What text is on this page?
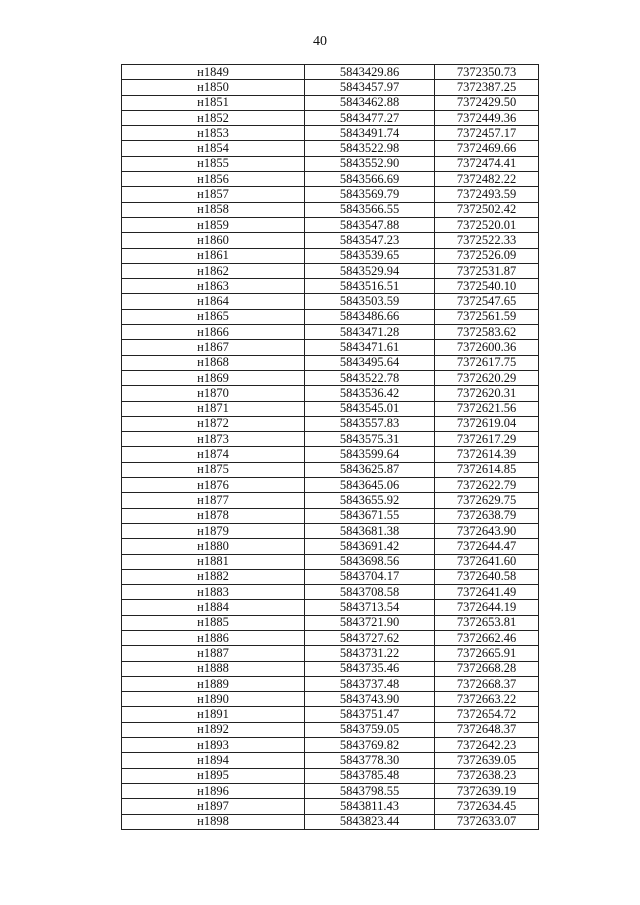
40
н1849	5843429.86	7372350.73
н1850	5843457.97	7372387.25
н1851	5843462.88	7372429.50
н1852	5843477.27	7372449.36
н1853	5843491.74	7372457.17
н1854	5843522.98	7372469.66
н1855	5843552.90	7372474.41
н1856	5843566.69	7372482.22
н1857	5843569.79	7372493.59
н1858	5843566.55	7372502.42
н1859	5843547.88	7372520.01
н1860	5843547.23	7372522.33
н1861	5843539.65	7372526.09
н1862	5843529.94	7372531.87
н1863	5843516.51	7372540.10
н1864	5843503.59	7372547.65
н1865	5843486.66	7372561.59
н1866	5843471.28	7372583.62
н1867	5843471.61	7372600.36
н1868	5843495.64	7372617.75
н1869	5843522.78	7372620.29
н1870	5843536.42	7372620.31
н1871	5843545.01	7372621.56
н1872	5843557.83	7372619.04
н1873	5843575.31	7372617.29
н1874	5843599.64	7372614.39
н1875	5843625.87	7372614.85
н1876	5843645.06	7372622.79
н1877	5843655.92	7372629.75
н1878	5843671.55	7372638.79
н1879	5843681.38	7372643.90
н1880	5843691.42	7372644.47
н1881	5843698.56	7372641.60
н1882	5843704.17	7372640.58
н1883	5843708.58	7372641.49
н1884	5843713.54	7372644.19
н1885	5843721.90	7372653.81
н1886	5843727.62	7372662.46
н1887	5843731.22	7372665.91
н1888	5843735.46	7372668.28
н1889	5843737.48	7372668.37
н1890	5843743.90	7372663.22
н1891	5843751.47	7372654.72
н1892	5843759.05	7372648.37
н1893	5843769.82	7372642.23
н1894	5843778.30	7372639.05
н1895	5843785.48	7372638.23
н1896	5843798.55	7372639.19
н1897	5843811.43	7372634.45
н1898	5843823.44	7372633.07
